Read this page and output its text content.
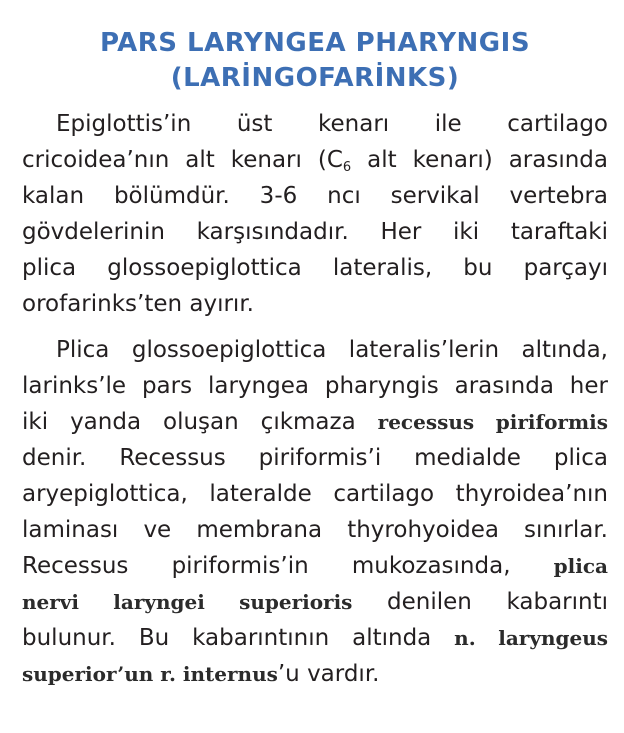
PARS LARYNGEA PHARYNGIS
(LARİNGOFARİNKS)
Epiglottis’in üst kenarı ile cartilago
cricoidea’nın alt kenarı ($C_6$ alt kenarı) arasında
kalan bölümdür. 3-6 ncı servikal vertebra
gövdelerinin karşısındadır. Her iki taraftaki
plica glossoepiglottica lateralis, bu parçayı
orofarinks’ten ayırır.
Plica glossoepiglottica lateralis’lerin altında,
larinks’le pars laryngea pharyngis arasında her
iki yanda oluşan çıkmaza recessus piriformis
denir. Recessus piriformis’i medialde plica
aryepiglottica, lateralde cartilago thyroidea’nın
laminası ve membrana thyrohyoidea sınırlar.
Recessus piriformis’in mukozasında, plica
nervi laryngei superioris denilen kabarıntı
bulunur. Bu kabarıntının altında n. laryngeus
superior’un r. internus’u vardır.
